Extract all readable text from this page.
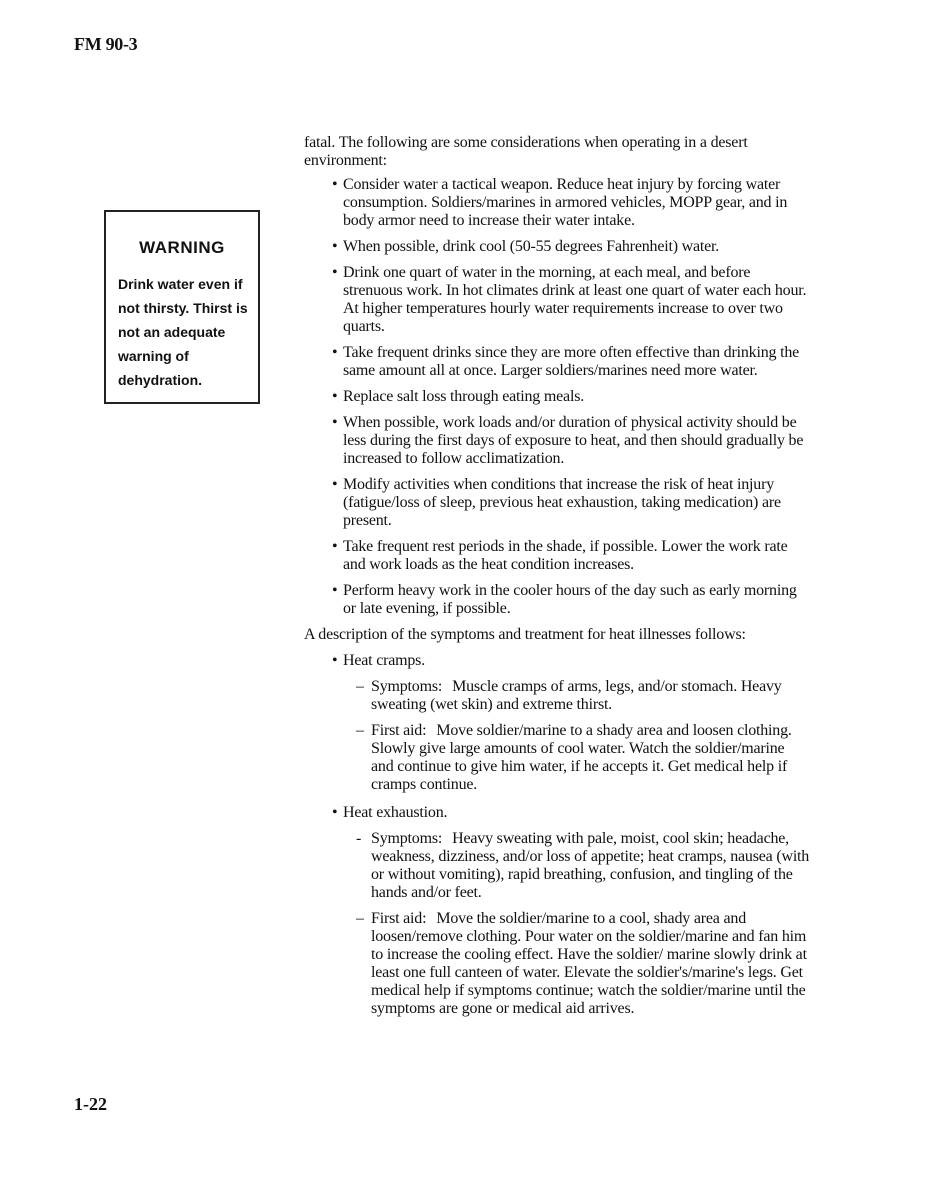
FM 90-3
WARNING
Drink water even if not thirsty. Thirst is not an adequate warning of dehydration.

fatal. The following are some considerations when operating in a desert environment:

• Consider water a tactical weapon. Reduce heat injury by forcing water consumption. Soldiers/marines in armored vehicles, MOPP gear, and in body armor need to increase their water intake.
• When possible, drink cool (50-55 degrees Fahrenheit) water.
• Drink one quart of water in the morning, at each meal, and before strenuous work. In hot climates drink at least one quart of water each hour. At higher temperatures hourly water requirements increase to over two quarts.
• Take frequent drinks since they are more often effective than drinking the same amount all at once. Larger soldiers/marines need more water.
• Replace salt loss through eating meals.
• When possible, work loads and/or duration of physical activity should be less during the first days of exposure to heat, and then should gradually be increased to follow acclimatization.
• Modify activities when conditions that increase the risk of heat injury (fatigue/loss of sleep, previous heat exhaustion, taking medication) are present.
• Take frequent rest periods in the shade, if possible. Lower the work rate and work loads as the heat condition increases.
• Perform heavy work in the cooler hours of the day such as early morning or late evening, if possible.

A description of the symptoms and treatment for heat illnesses follows:

• Heat cramps.
– Symptoms: Muscle cramps of arms, legs, and/or stomach. Heavy sweating (wet skin) and extreme thirst.
– First aid: Move soldier/marine to a shady area and loosen clothing. Slowly give large amounts of cool water. Watch the soldier/marine and continue to give him water, if he accepts it. Get medical help if cramps continue.
• Heat exhaustion.
- Symptoms: Heavy sweating with pale, moist, cool skin; headache, weakness, dizziness, and/or loss of appetite; heat cramps, nausea (with or without vomiting), rapid breathing, confusion, and tingling of the hands and/or feet.
– First aid: Move the soldier/marine to a cool, shady area and loosen/remove clothing. Pour water on the soldier/marine and fan him to increase the cooling effect. Have the soldier/ marine slowly drink at least one full canteen of water. Elevate the soldier's/marine's legs. Get medical help if symptoms continue; watch the soldier/marine until the symptoms are gone or medical aid arrives.
1-22
